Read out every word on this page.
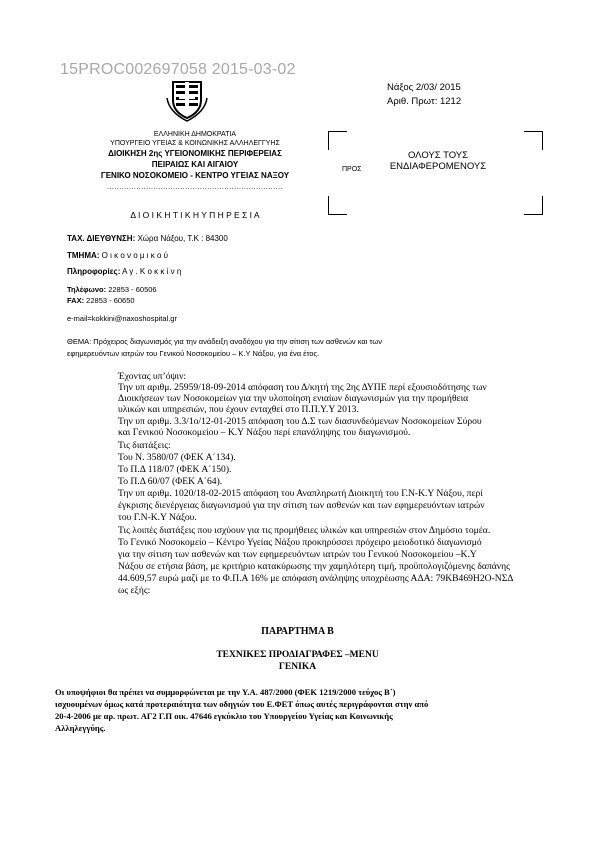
15PROC002697058 2015-03-02
Νάξος 2/03/ 2015
Αριθ. Πρωτ: 1212
ΕΛΛΗΝΙΚΗ ΔΗΜΟΚΡΑΤΙΑ
ΥΠΟΥΡΓΕΙΟ ΥΓΕΙΑΣ & ΚΟΙΝΩΝΙΚΗΣ ΑΛΛΗΛΕΓΓΥΗΣ
ΔΙΟΙΚΗΣΗ 2ης ΥΓΕΙΟΝΟΜΙΚΗΣ ΠΕΡΙΦΕΡΕΙΑΣ
ΠΕΙΡΑΙΩΣ ΚΑΙ ΑΙΓΑΙΟΥ
ΓΕΝΙΚΟ ΝΟΣΟΚΟΜΕΙΟ - ΚΕΝΤΡΟ ΥΓΕΙΑΣ ΝΑΞΟΥ
........................................................................
Δ Ι Ο Ι Κ Η Τ Ι Κ Η Υ Π Η Ρ Ε Σ Ι Α
ΠΡΟΣ
ΟΛΟΥΣ ΤΟΥΣ
ΕΝΔΙΑΦΕΡΟΜΕΝΟΥΣ
ΤΑΧ. ΔΙΕΥΘΥΝΣΗ: Χώρα Νάξου, Τ.Κ : 84300
ΤΜΗΜΑ: Ο ι κ ο ν ο μ ι κ ο ύ
Πληροφορίες: Α γ . Κ ο κ κ ί ν η
Τηλέφωνο: 22853 - 60506
FAX: 22853 - 60650
e-mail=kokkini@naxoshospital.gr
ΘΕΜΑ: Πρόχειρος διαγωνισμός για την ανάδειξη αναδόχου για την σίτιση των ασθενών και των
εφημερευόντων ιατρών του Γενικού Νοσοκομείου – Κ.Υ Νάξου, για ένα έτος.
Έχοντας υπ’όψιν:
Την υπ αριθμ. 25959/18-09-2014 απόφαση του Δ/κητή της 2ης ΔΥΠΕ περί εξουσιοδότησης των
Διοικήσεων των Νοσοκομείων για την υλοποίηση ενιαίων διαγωνισμών για την προμήθεια
υλικών και υπηρεσιών, που έχουν ενταχθεί στο Π.Π.Υ.Υ 2013.
Την υπ αριθμ. 3.3/1ο/12-01-2015 απόφαση του Δ.Σ των διασυνδεόμενων Νοσοκομείων Σύρου
και Γενικού Νοσοκομείου – Κ.Υ Νάξου περί επανάληψης του διαγωνισμού.
Τις διατάξεις:
Του Ν. 3580/07 (ΦΕΚ Α΄134).
Το Π.Δ 118/07 (ΦΕΚ Α΄150).
Το Π.Δ 60/07 (ΦΕΚ Α΄64).
Την υπ αριθμ. 1020/18-02-2015 απόφαση του Αναπληρωτή Διοικητή του Γ.Ν-Κ.Υ Νάξου, περί
έγκρισης διενέργειας διαγωνισμού για την σίτιση των ασθενών και των εφημερευόντων ιατρών
του Γ.Ν-Κ.Υ Νάξου.
Τις λοιπές διατάξεις που ισχύουν για τις προμήθειες υλικών και υπηρεσιών στον Δημόσιο τομέα.
Το Γενικό Νοσοκομείο – Κέντρο Υγείας Νάξου προκηρύσσει πρόχειρο μειοδοτικό διαγωνισμό
για την σίτιση των ασθενών και των εφημερευόντων ιατρών του Γενικού Νοσοκομείου –Κ.Υ
Νάξου σε ετήσια βάση, με κριτήριο κατακύρωσης την χαμηλότερη τιμή, προϋπολογιζόμενης δαπάνης
44.609,57 ευρώ μαζί με το Φ.Π.Α 16% με απόφαση ανάληψης υποχρέωσης ΑΔΑ: 79ΚΒ469Η2Ο-ΝΣΔ
ως εξής:
ΠΑΡΑΡΤΗΜΑ Β
ΤΕΧΝΙΚΕΣ ΠΡΟΔΙΑΓΡΑΦΕΣ –MENU
ΓΕΝΙΚΑ
Οι υποψήφιοι θα πρέπει να συμμορφώνεται με την Υ.Α. 487/2000 (ΦΕΚ 1219/2000 τεύχος Β΄)
ισχυουμένων όμως κατά προτεραιότητα των οδηγιών του Ε.ΦΕΤ όπως αυτές περιγράφονται στην από
20-4-2006 με αρ. πρωτ. ΑΓ2 Γ.Π οικ. 47646 εγκύκλιο του Υπουργείου Υγείας και Κοινωνικής
Αλληλεγγύης.
